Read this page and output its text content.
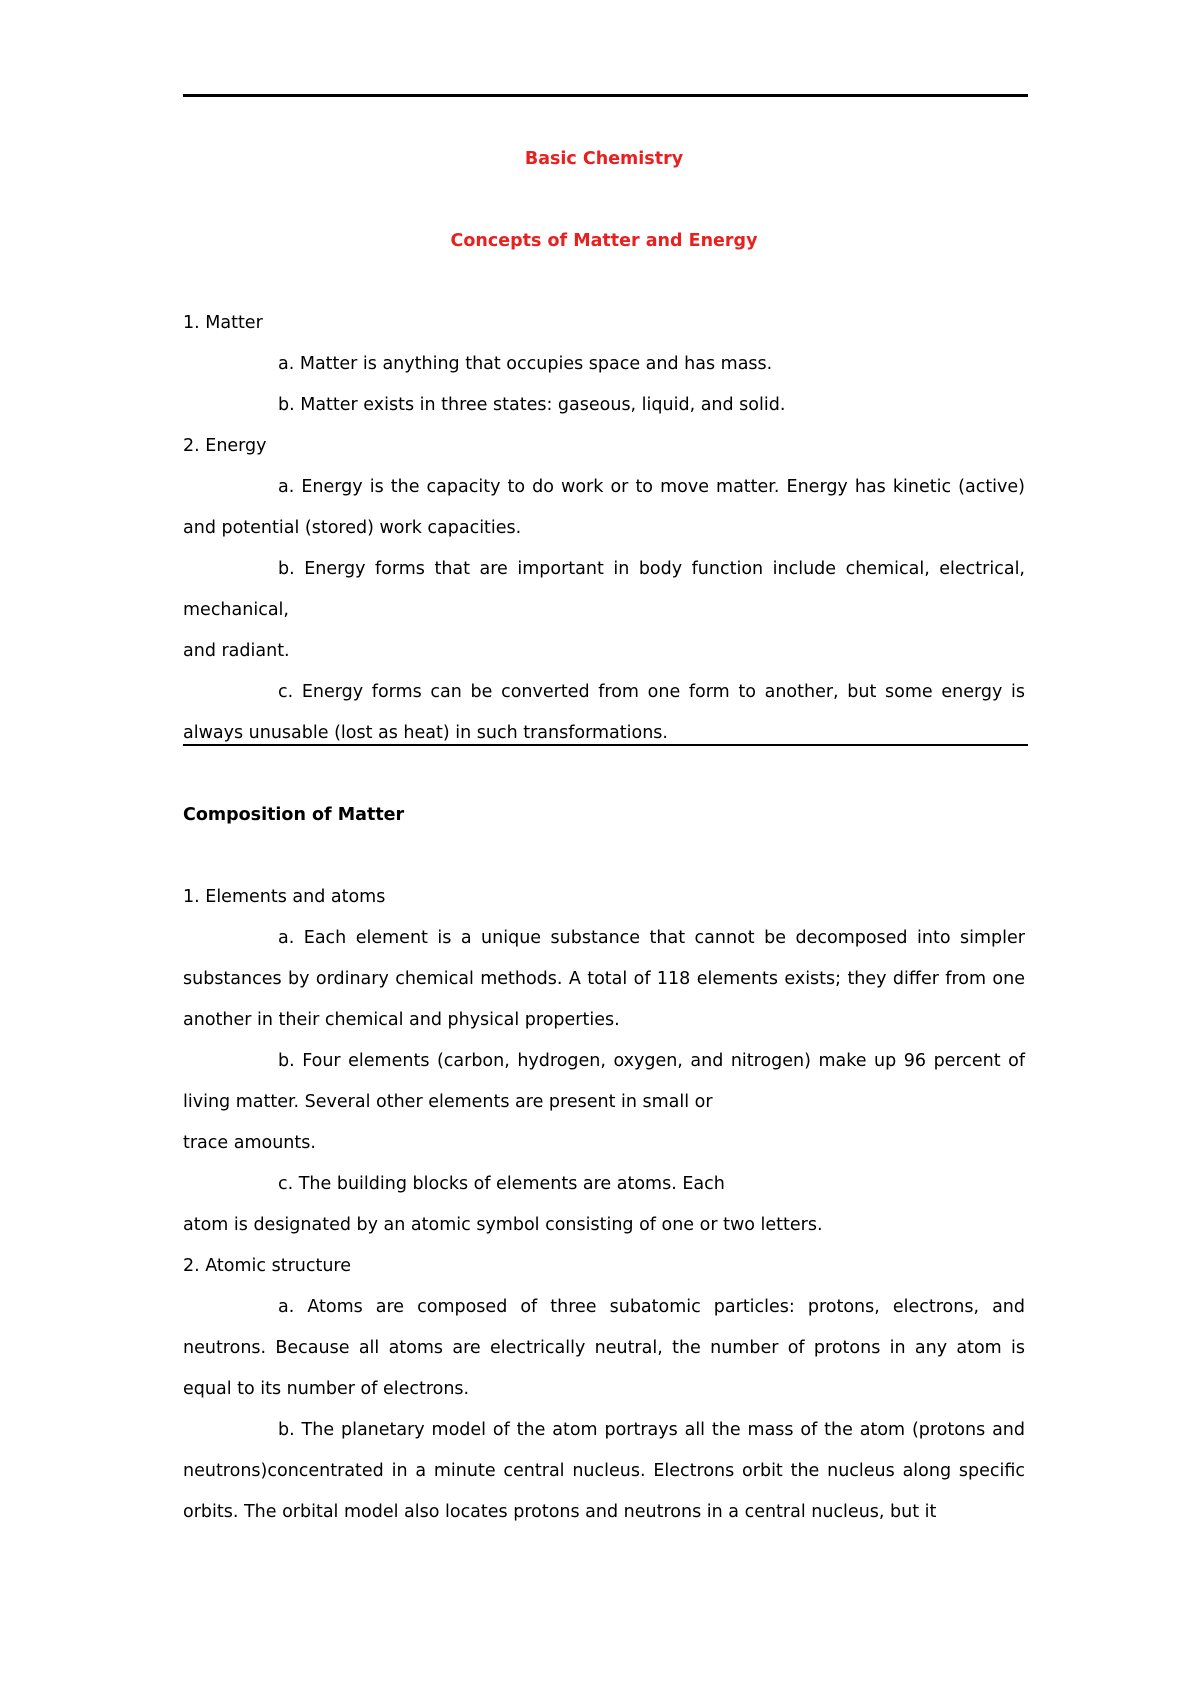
Basic Chemistry
Concepts of Matter and Energy

1. Matter

a. Matter is anything that occupies space and has mass.

b. Matter exists in three states: gaseous, liquid, and solid.

2. Energy

a. Energy is the capacity to do work or to move matter. Energy has kinetic (active) and potential (stored) work capacities.

b. Energy forms that are important in body function include chemical, electrical, mechanical,

and radiant.

c. Energy forms can be converted from one form to another, but some energy is always unusable (lost as heat) in such transformations.

Composition of Matter

1. Elements and atoms

a. Each element is a unique substance that cannot be decomposed into simpler substances by ordinary chemical methods. A total of 118 elements exists; they differ from one another in their chemical and physical properties.

b. Four elements (carbon, hydrogen, oxygen, and nitrogen) make up 96 percent of living matter. Several other elements are present in small or

trace amounts.

c. The building blocks of elements are atoms. Each

atom is designated by an atomic symbol consisting of one or two letters.

2. Atomic structure

a. Atoms are composed of three subatomic particles: protons, electrons, and neutrons. Because all atoms are electrically neutral, the number of protons in any atom is equal to its number of electrons.

b. The planetary model of the atom portrays all the mass of the atom (protons and neutrons)concentrated in a minute central nucleus. Electrons orbit the nucleus along specific orbits. The orbital model also locates protons and neutrons in a central nucleus, but it
